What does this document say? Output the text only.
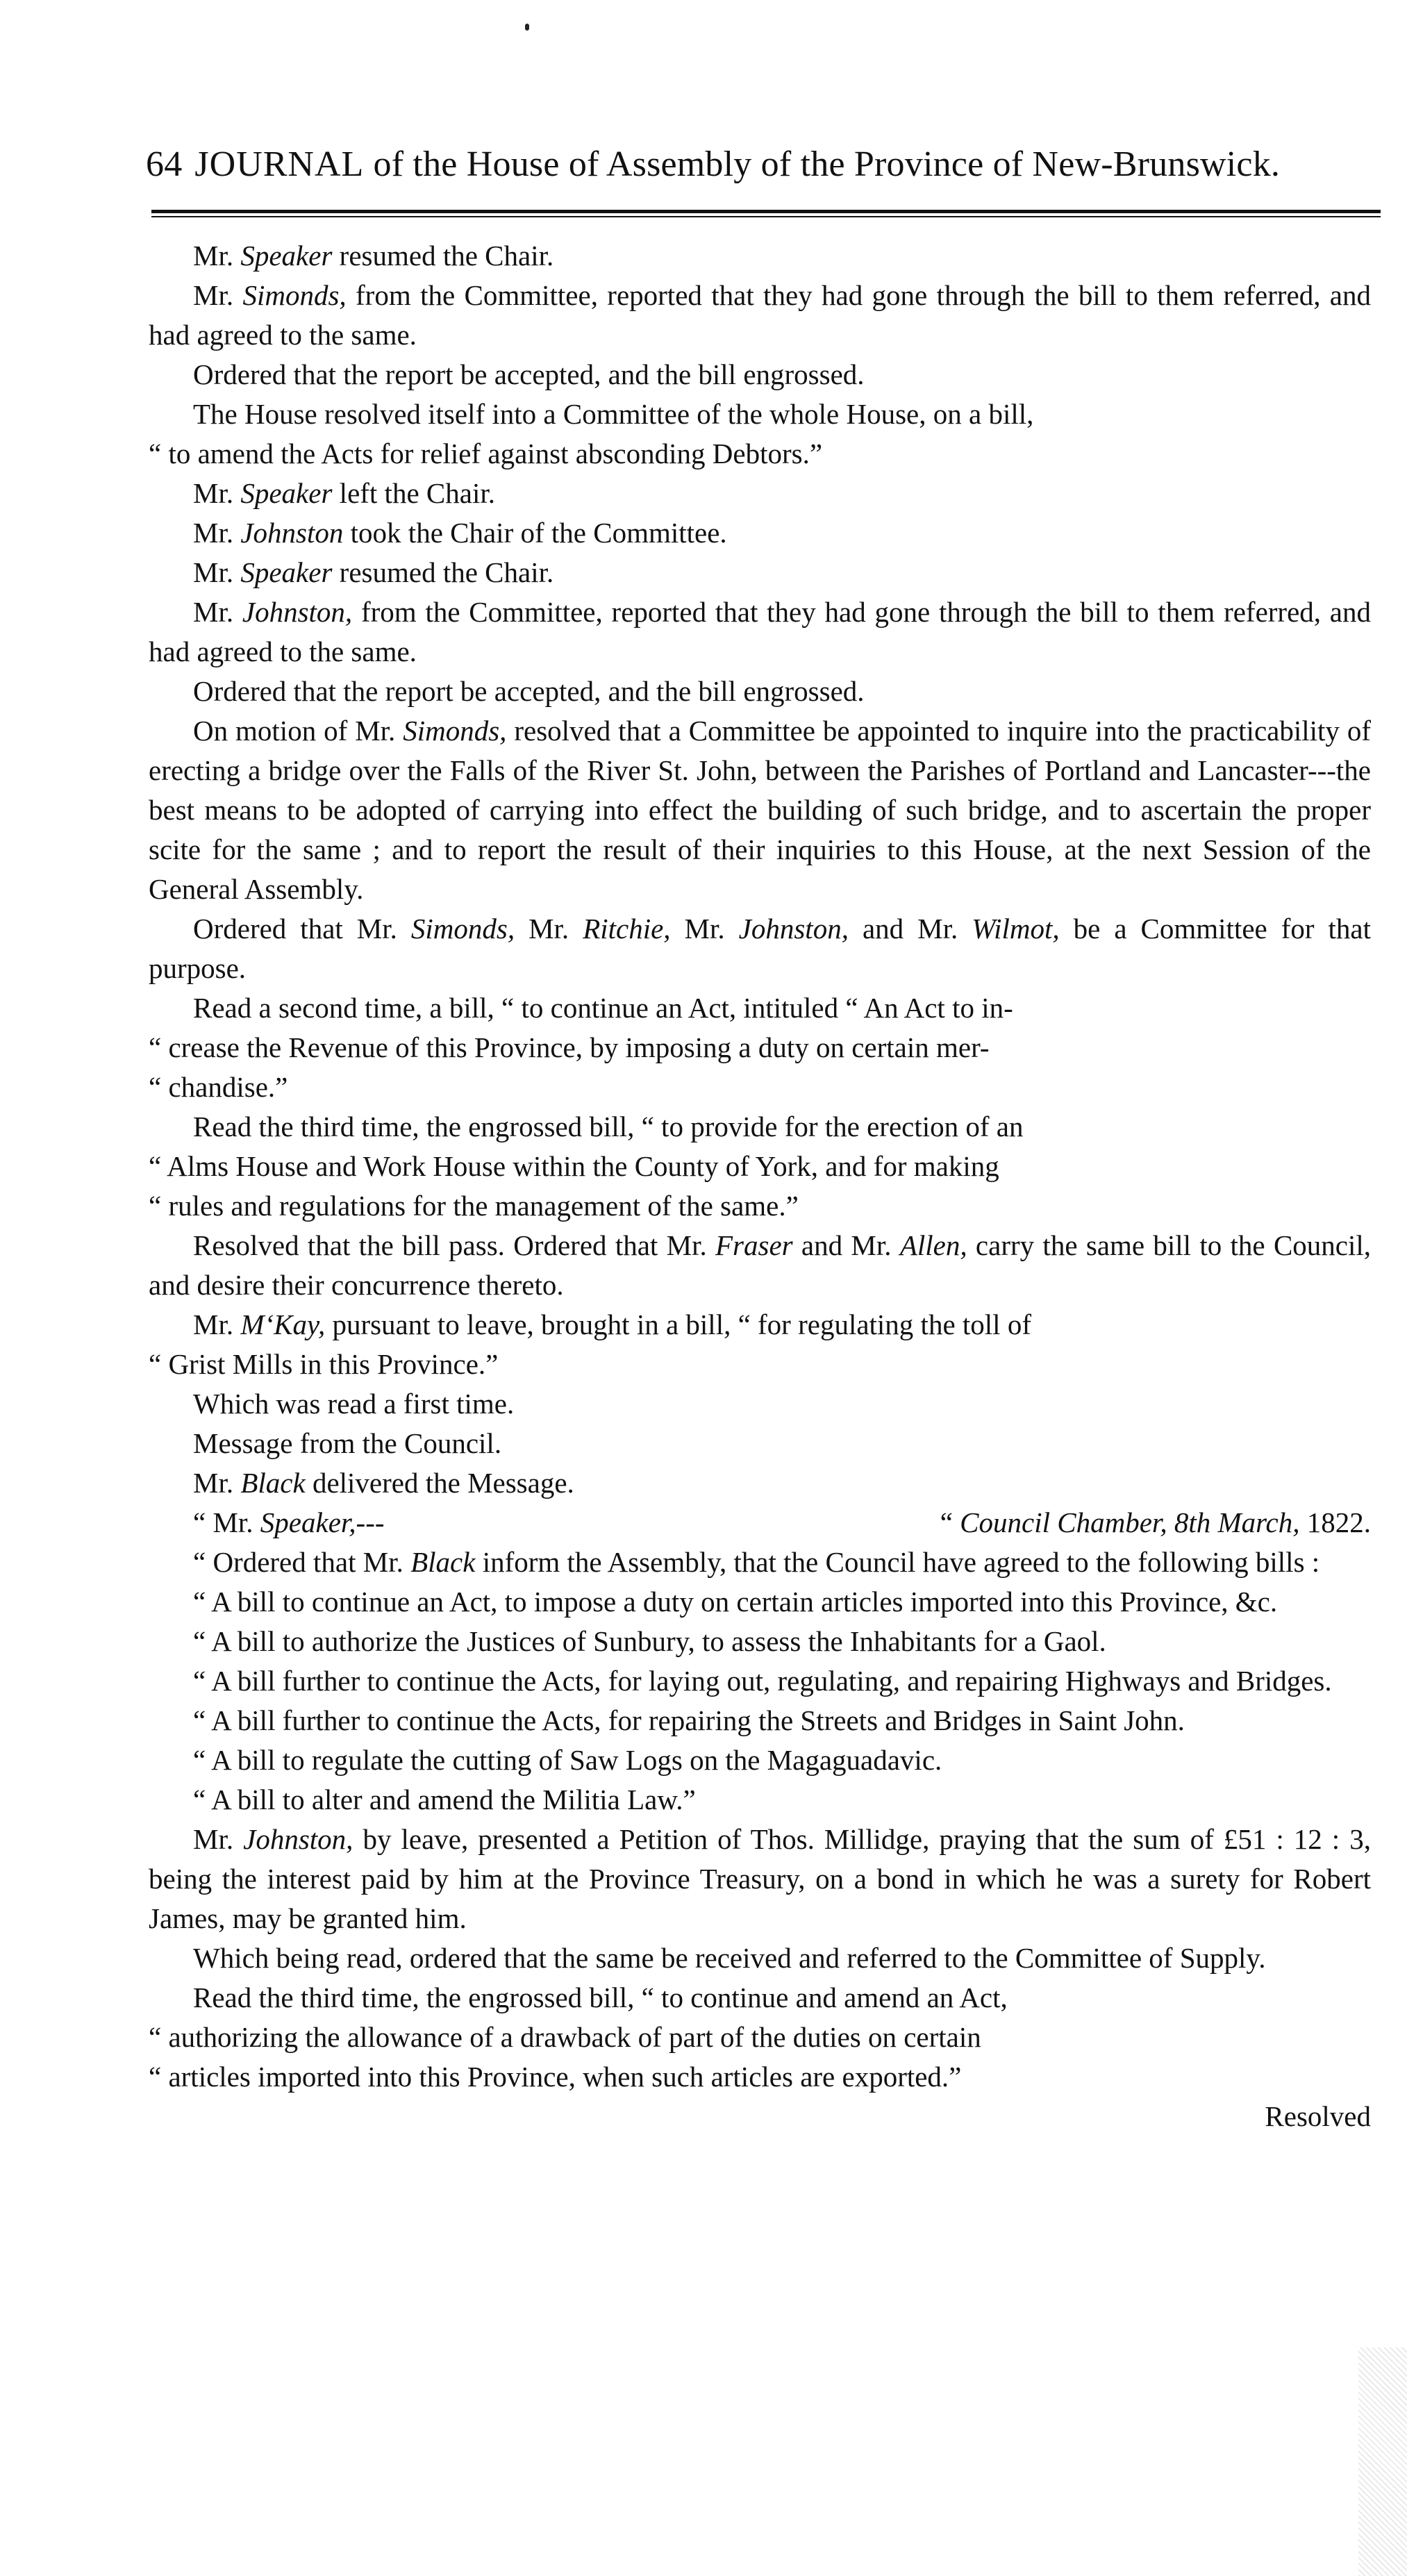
64 JOURNAL of the House of Assembly of the Province of New-Brunswick.

Mr. Speaker resumed the Chair.

Mr. Simonds, from the Committee, reported that they had gone through the bill to them referred, and had agreed to the same.

Ordered that the report be accepted, and the bill engrossed.

The House resolved itself into a Committee of the whole House, on a bill,

“ to amend the Acts for relief against absconding Debtors.”

Mr. Speaker left the Chair.

Mr. Johnston took the Chair of the Committee.

Mr. Speaker resumed the Chair.

Mr. Johnston, from the Committee, reported that they had gone through the bill to them referred, and had agreed to the same.

Ordered that the report be accepted, and the bill engrossed.

On motion of Mr. Simonds, resolved that a Committee be appointed to inquire into the practicability of erecting a bridge over the Falls of the River St. John, between the Parishes of Portland and Lancaster---the best means to be adopted of carrying into effect the building of such bridge, and to ascertain the proper scite for the same ; and to report the result of their inquiries to this House, at the next Session of the General Assembly.

Ordered that Mr. Simonds, Mr. Ritchie, Mr. Johnston, and Mr. Wilmot, be a Committee for that purpose.

Read a second time, a bill, “ to continue an Act, intituled “ An Act to in-

“ crease the Revenue of this Province, by imposing a duty on certain mer-

“ chandise.”

Read the third time, the engrossed bill, “ to provide for the erection of an

“ Alms House and Work House within the County of York, and for making

“ rules and regulations for the management of the same.”

Resolved that the bill pass. Ordered that Mr. Fraser and Mr. Allen, carry the same bill to the Council, and desire their concurrence thereto.

Mr. M‘Kay, pursuant to leave, brought in a bill, “ for regulating the toll of

“ Grist Mills in this Province.”

Which was read a first time.

Message from the Council.

Mr. Black delivered the Message.

“ Mr. Speaker,---	“ Council Chamber, 8th March, 1822.

“ Ordered that Mr. Black inform the Assembly, that the Council have agreed to the following bills :

“ A bill to continue an Act, to impose a duty on certain articles imported into this Province, &c.

“ A bill to authorize the Justices of Sunbury, to assess the Inhabitants for a Gaol.

“ A bill further to continue the Acts, for laying out, regulating, and repairing Highways and Bridges.

“ A bill further to continue the Acts, for repairing the Streets and Bridges in Saint John.

“ A bill to regulate the cutting of Saw Logs on the Magaguadavic.

“ A bill to alter and amend the Militia Law.”

Mr. Johnston, by leave, presented a Petition of Thos. Millidge, praying that the sum of £51 : 12 : 3, being the interest paid by him at the Province Treasury, on a bond in which he was a surety for Robert James, may be granted him.

Which being read, ordered that the same be received and referred to the Committee of Supply.

Read the third time, the engrossed bill, “ to continue and amend an Act,

“ authorizing the allowance of a drawback of part of the duties on certain

“ articles imported into this Province, when such articles are exported.”

Resolved
